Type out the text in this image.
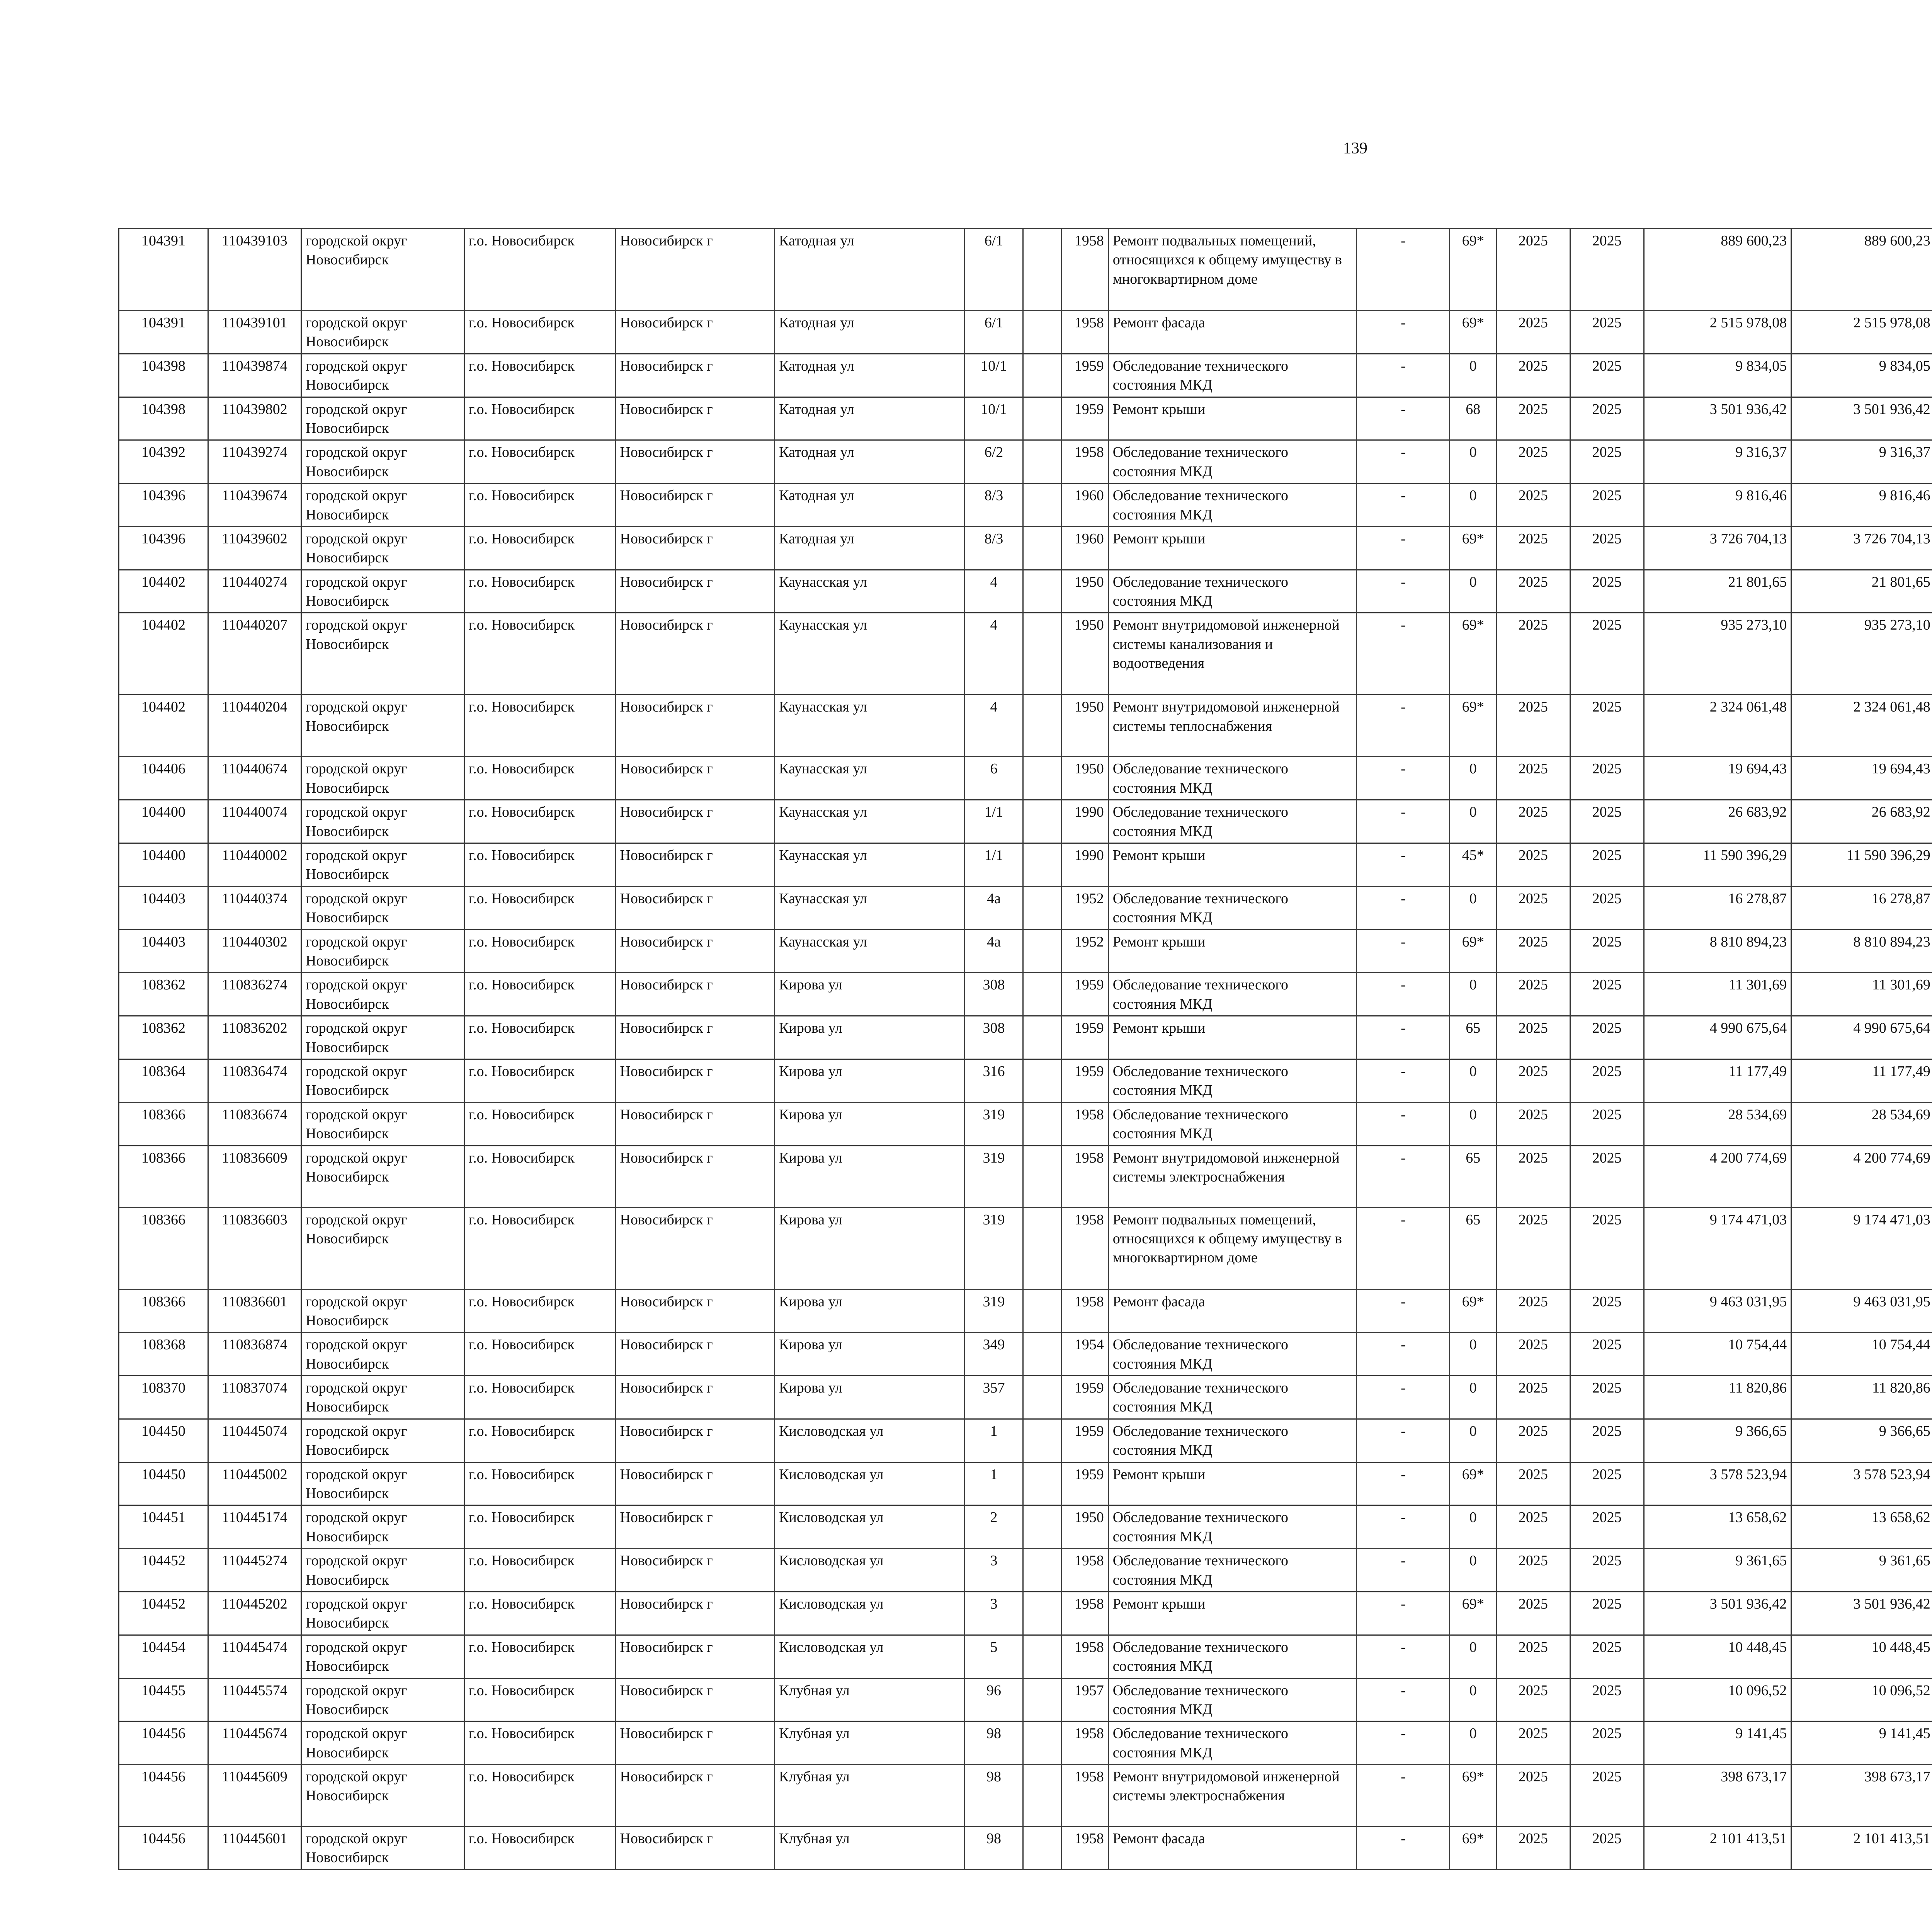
139
104391	110439103	городской округ Новосибирск	г.о. Новосибирск	Новосибирск г	Катодная ул	6/1		1958	Ремонт подвальных помещений, относящихся к общему имуществу в многоквартирном доме	-	69*	2025	2025	889 600,23	889 600,23						
104391	110439101	городской округ Новосибирск	г.о. Новосибирск	Новосибирск г	Катодная ул	6/1		1958	Ремонт фасада	-	69*	2025	2025	2 515 978,08	2 515 978,08						
104398	110439874	городской округ Новосибирск	г.о. Новосибирск	Новосибирск г	Катодная ул	10/1		1959	Обследование технического состояния МКД	-	0	2025	2025	9 834,05	9 834,05						
104398	110439802	городской округ Новосибирск	г.о. Новосибирск	Новосибирск г	Катодная ул	10/1		1959	Ремонт крыши	-	68	2025	2025	3 501 936,42	3 501 936,42						
104392	110439274	городской округ Новосибирск	г.о. Новосибирск	Новосибирск г	Катодная ул	6/2		1958	Обследование технического состояния МКД	-	0	2025	2025	9 316,37	9 316,37						
104396	110439674	городской округ Новосибирск	г.о. Новосибирск	Новосибирск г	Катодная ул	8/3		1960	Обследование технического состояния МКД	-	0	2025	2025	9 816,46	9 816,46						
104396	110439602	городской округ Новосибирск	г.о. Новосибирск	Новосибирск г	Катодная ул	8/3		1960	Ремонт крыши	-	69*	2025	2025	3 726 704,13	3 726 704,13						
104402	110440274	городской округ Новосибирск	г.о. Новосибирск	Новосибирск г	Каунасская ул	4		1950	Обследование технического состояния МКД	-	0	2025	2025	21 801,65	21 801,65						
104402	110440207	городской округ Новосибирск	г.о. Новосибирск	Новосибирск г	Каунасская ул	4		1950	Ремонт внутридомовой инженерной системы канализования и водоотведения	-	69*	2025	2025	935 273,10	935 273,10						
104402	110440204	городской округ Новосибирск	г.о. Новосибирск	Новосибирск г	Каунасская ул	4		1950	Ремонт внутридомовой инженерной системы теплоснабжения	-	69*	2025	2025	2 324 061,48	2 324 061,48						
104406	110440674	городской округ Новосибирск	г.о. Новосибирск	Новосибирск г	Каунасская ул	6		1950	Обследование технического состояния МКД	-	0	2025	2025	19 694,43	19 694,43						
104400	110440074	городской округ Новосибирск	г.о. Новосибирск	Новосибирск г	Каунасская ул	1/1		1990	Обследование технического состояния МКД	-	0	2025	2025	26 683,92	26 683,92						
104400	110440002	городской округ Новосибирск	г.о. Новосибирск	Новосибирск г	Каунасская ул	1/1		1990	Ремонт крыши	-	45*	2025	2025	11 590 396,29	11 590 396,29						
104403	110440374	городской округ Новосибирск	г.о. Новосибирск	Новосибирск г	Каунасская ул	4а		1952	Обследование технического состояния МКД	-	0	2025	2025	16 278,87	16 278,87						
104403	110440302	городской округ Новосибирск	г.о. Новосибирск	Новосибирск г	Каунасская ул	4а		1952	Ремонт крыши	-	69*	2025	2025	8 810 894,23	8 810 894,23						
108362	110836274	городской округ Новосибирск	г.о. Новосибирск	Новосибирск г	Кирова ул	308		1959	Обследование технического состояния МКД	-	0	2025	2025	11 301,69	11 301,69						
108362	110836202	городской округ Новосибирск	г.о. Новосибирск	Новосибирск г	Кирова ул	308		1959	Ремонт крыши	-	65	2025	2025	4 990 675,64	4 990 675,64						
108364	110836474	городской округ Новосибирск	г.о. Новосибирск	Новосибирск г	Кирова ул	316		1959	Обследование технического состояния МКД	-	0	2025	2025	11 177,49	11 177,49						
108366	110836674	городской округ Новосибирск	г.о. Новосибирск	Новосибирск г	Кирова ул	319		1958	Обследование технического состояния МКД	-	0	2025	2025	28 534,69	28 534,69						
108366	110836609	городской округ Новосибирск	г.о. Новосибирск	Новосибирск г	Кирова ул	319		1958	Ремонт внутридомовой инженерной системы электроснабжения	-	65	2025	2025	4 200 774,69	4 200 774,69						
108366	110836603	городской округ Новосибирск	г.о. Новосибирск	Новосибирск г	Кирова ул	319		1958	Ремонт подвальных помещений, относящихся к общему имуществу в многоквартирном доме	-	65	2025	2025	9 174 471,03	9 174 471,03						
108366	110836601	городской округ Новосибирск	г.о. Новосибирск	Новосибирск г	Кирова ул	319		1958	Ремонт фасада	-	69*	2025	2025	9 463 031,95	9 463 031,95						
108368	110836874	городской округ Новосибирск	г.о. Новосибирск	Новосибирск г	Кирова ул	349		1954	Обследование технического состояния МКД	-	0	2025	2025	10 754,44	10 754,44						
108370	110837074	городской округ Новосибирск	г.о. Новосибирск	Новосибирск г	Кирова ул	357		1959	Обследование технического состояния МКД	-	0	2025	2025	11 820,86	11 820,86						
104450	110445074	городской округ Новосибирск	г.о. Новосибирск	Новосибирск г	Кисловодская ул	1		1959	Обследование технического состояния МКД	-	0	2025	2025	9 366,65	9 366,65						
104450	110445002	городской округ Новосибирск	г.о. Новосибирск	Новосибирск г	Кисловодская ул	1		1959	Ремонт крыши	-	69*	2025	2025	3 578 523,94	3 578 523,94						
104451	110445174	городской округ Новосибирск	г.о. Новосибирск	Новосибирск г	Кисловодская ул	2		1950	Обследование технического состояния МКД	-	0	2025	2025	13 658,62	13 658,62						
104452	110445274	городской округ Новосибирск	г.о. Новосибирск	Новосибирск г	Кисловодская ул	3		1958	Обследование технического состояния МКД	-	0	2025	2025	9 361,65	9 361,65						
104452	110445202	городской округ Новосибирск	г.о. Новосибирск	Новосибирск г	Кисловодская ул	3		1958	Ремонт крыши	-	69*	2025	2025	3 501 936,42	3 501 936,42						
104454	110445474	городской округ Новосибирск	г.о. Новосибирск	Новосибирск г	Кисловодская ул	5		1958	Обследование технического состояния МКД	-	0	2025	2025	10 448,45	10 448,45						
104455	110445574	городской округ Новосибирск	г.о. Новосибирск	Новосибирск г	Клубная ул	96		1957	Обследование технического состояния МКД	-	0	2025	2025	10 096,52	10 096,52						
104456	110445674	городской округ Новосибирск	г.о. Новосибирск	Новосибирск г	Клубная ул	98		1958	Обследование технического состояния МКД	-	0	2025	2025	9 141,45	9 141,45						
104456	110445609	городской округ Новосибирск	г.о. Новосибирск	Новосибирск г	Клубная ул	98		1958	Ремонт внутридомовой инженерной системы электроснабжения	-	69*	2025	2025	398 673,17	398 673,17						
104456	110445601	городской округ Новосибирск	г.о. Новосибирск	Новосибирск г	Клубная ул	98		1958	Ремонт фасада	-	69*	2025	2025	2 101 413,51	2 101 413,51						
